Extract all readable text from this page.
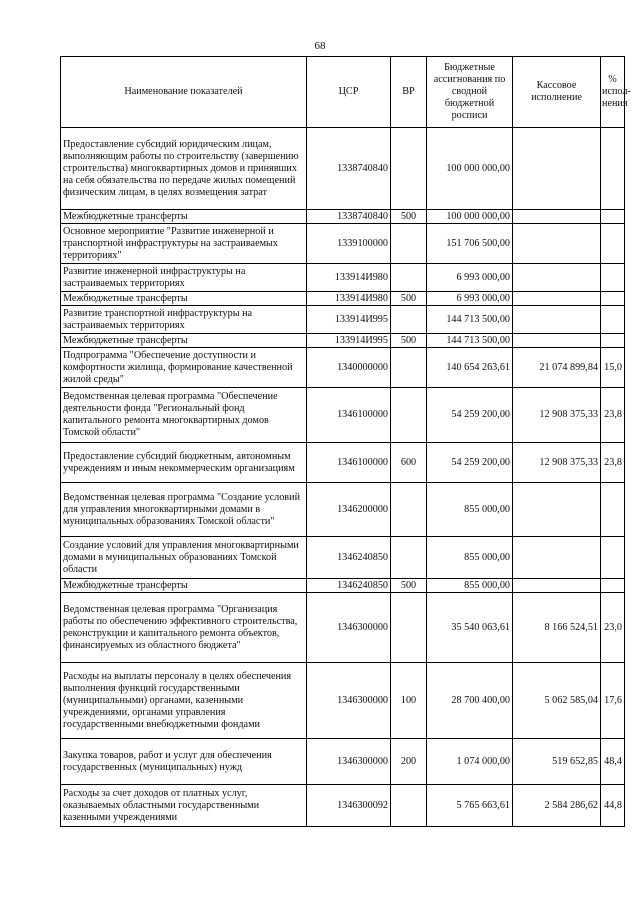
68
Наименование показателей	ЦСР	ВР	Бюджетные ассигнования по сводной бюджетной росписи	Кассовое исполнение	% испол-нения
Предоставление субсидий юридическим лицам, выполняющим работы по строительству (завершению строительства) многоквартирных домов и принявших на себя обязательства по передаче жилых помещений физическим лицам, в целях возмещения затрат	1338740840		100 000 000,00		
Межбюджетные трансферты	1338740840	500	100 000 000,00		
Основное мероприятие "Развитие инженерной и транспортной инфраструктуры на застраиваемых территориях"	1339100000		151 706 500,00		
Развитие инженерной инфраструктуры на застраиваемых территориях	133914И980		6 993 000,00		
Межбюджетные трансферты	133914И980	500	6 993 000,00		
Развитие транспортной инфраструктуры на застраиваемых территориях	133914И995		144 713 500,00		
Межбюджетные трансферты	133914И995	500	144 713 500,00		
Подпрограмма "Обеспечение доступности и комфортности жилища, формирование качественной жилой среды"	1340000000		140 654 263,61	21 074 899,84	15,0
Ведомственная целевая программа "Обеспечение деятельности фонда "Региональный фонд капитального ремонта многоквартирных домов Томской области"	1346100000		54 259 200,00	12 908 375,33	23,8
Предоставление субсидий бюджетным, автономным учреждениям и иным некоммерческим организациям	1346100000	600	54 259 200,00	12 908 375,33	23,8
Ведомственная целевая программа "Создание условий для управления многоквартирными домами в муниципальных образованиях Томской области"	1346200000		855 000,00		
Создание условий для управления многоквартирными домами в муниципальных образованиях Томской области	1346240850		855 000,00		
Межбюджетные трансферты	1346240850	500	855 000,00		
Ведомственная целевая программа "Организация работы по обеспечению эффективного строительства, реконструкции и капитального ремонта объектов, финансируемых из областного бюджета"	1346300000		35 540 063,61	8 166 524,51	23,0
Расходы на выплаты персоналу в целях обеспечения выполнения функций государственными (муниципальными) органами, казенными учреждениями, органами управления государственными внебюджетными фондами	1346300000	100	28 700 400,00	5 062 585,04	17,6
Закупка товаров, работ и услуг для обеспечения государственных (муниципальных) нужд	1346300000	200	1 074 000,00	519 652,85	48,4
Расходы за счет доходов от платных услуг, оказываемых областными государственными казенными учреждениями	1346300092		5 765 663,61	2 584 286,62	44,8
